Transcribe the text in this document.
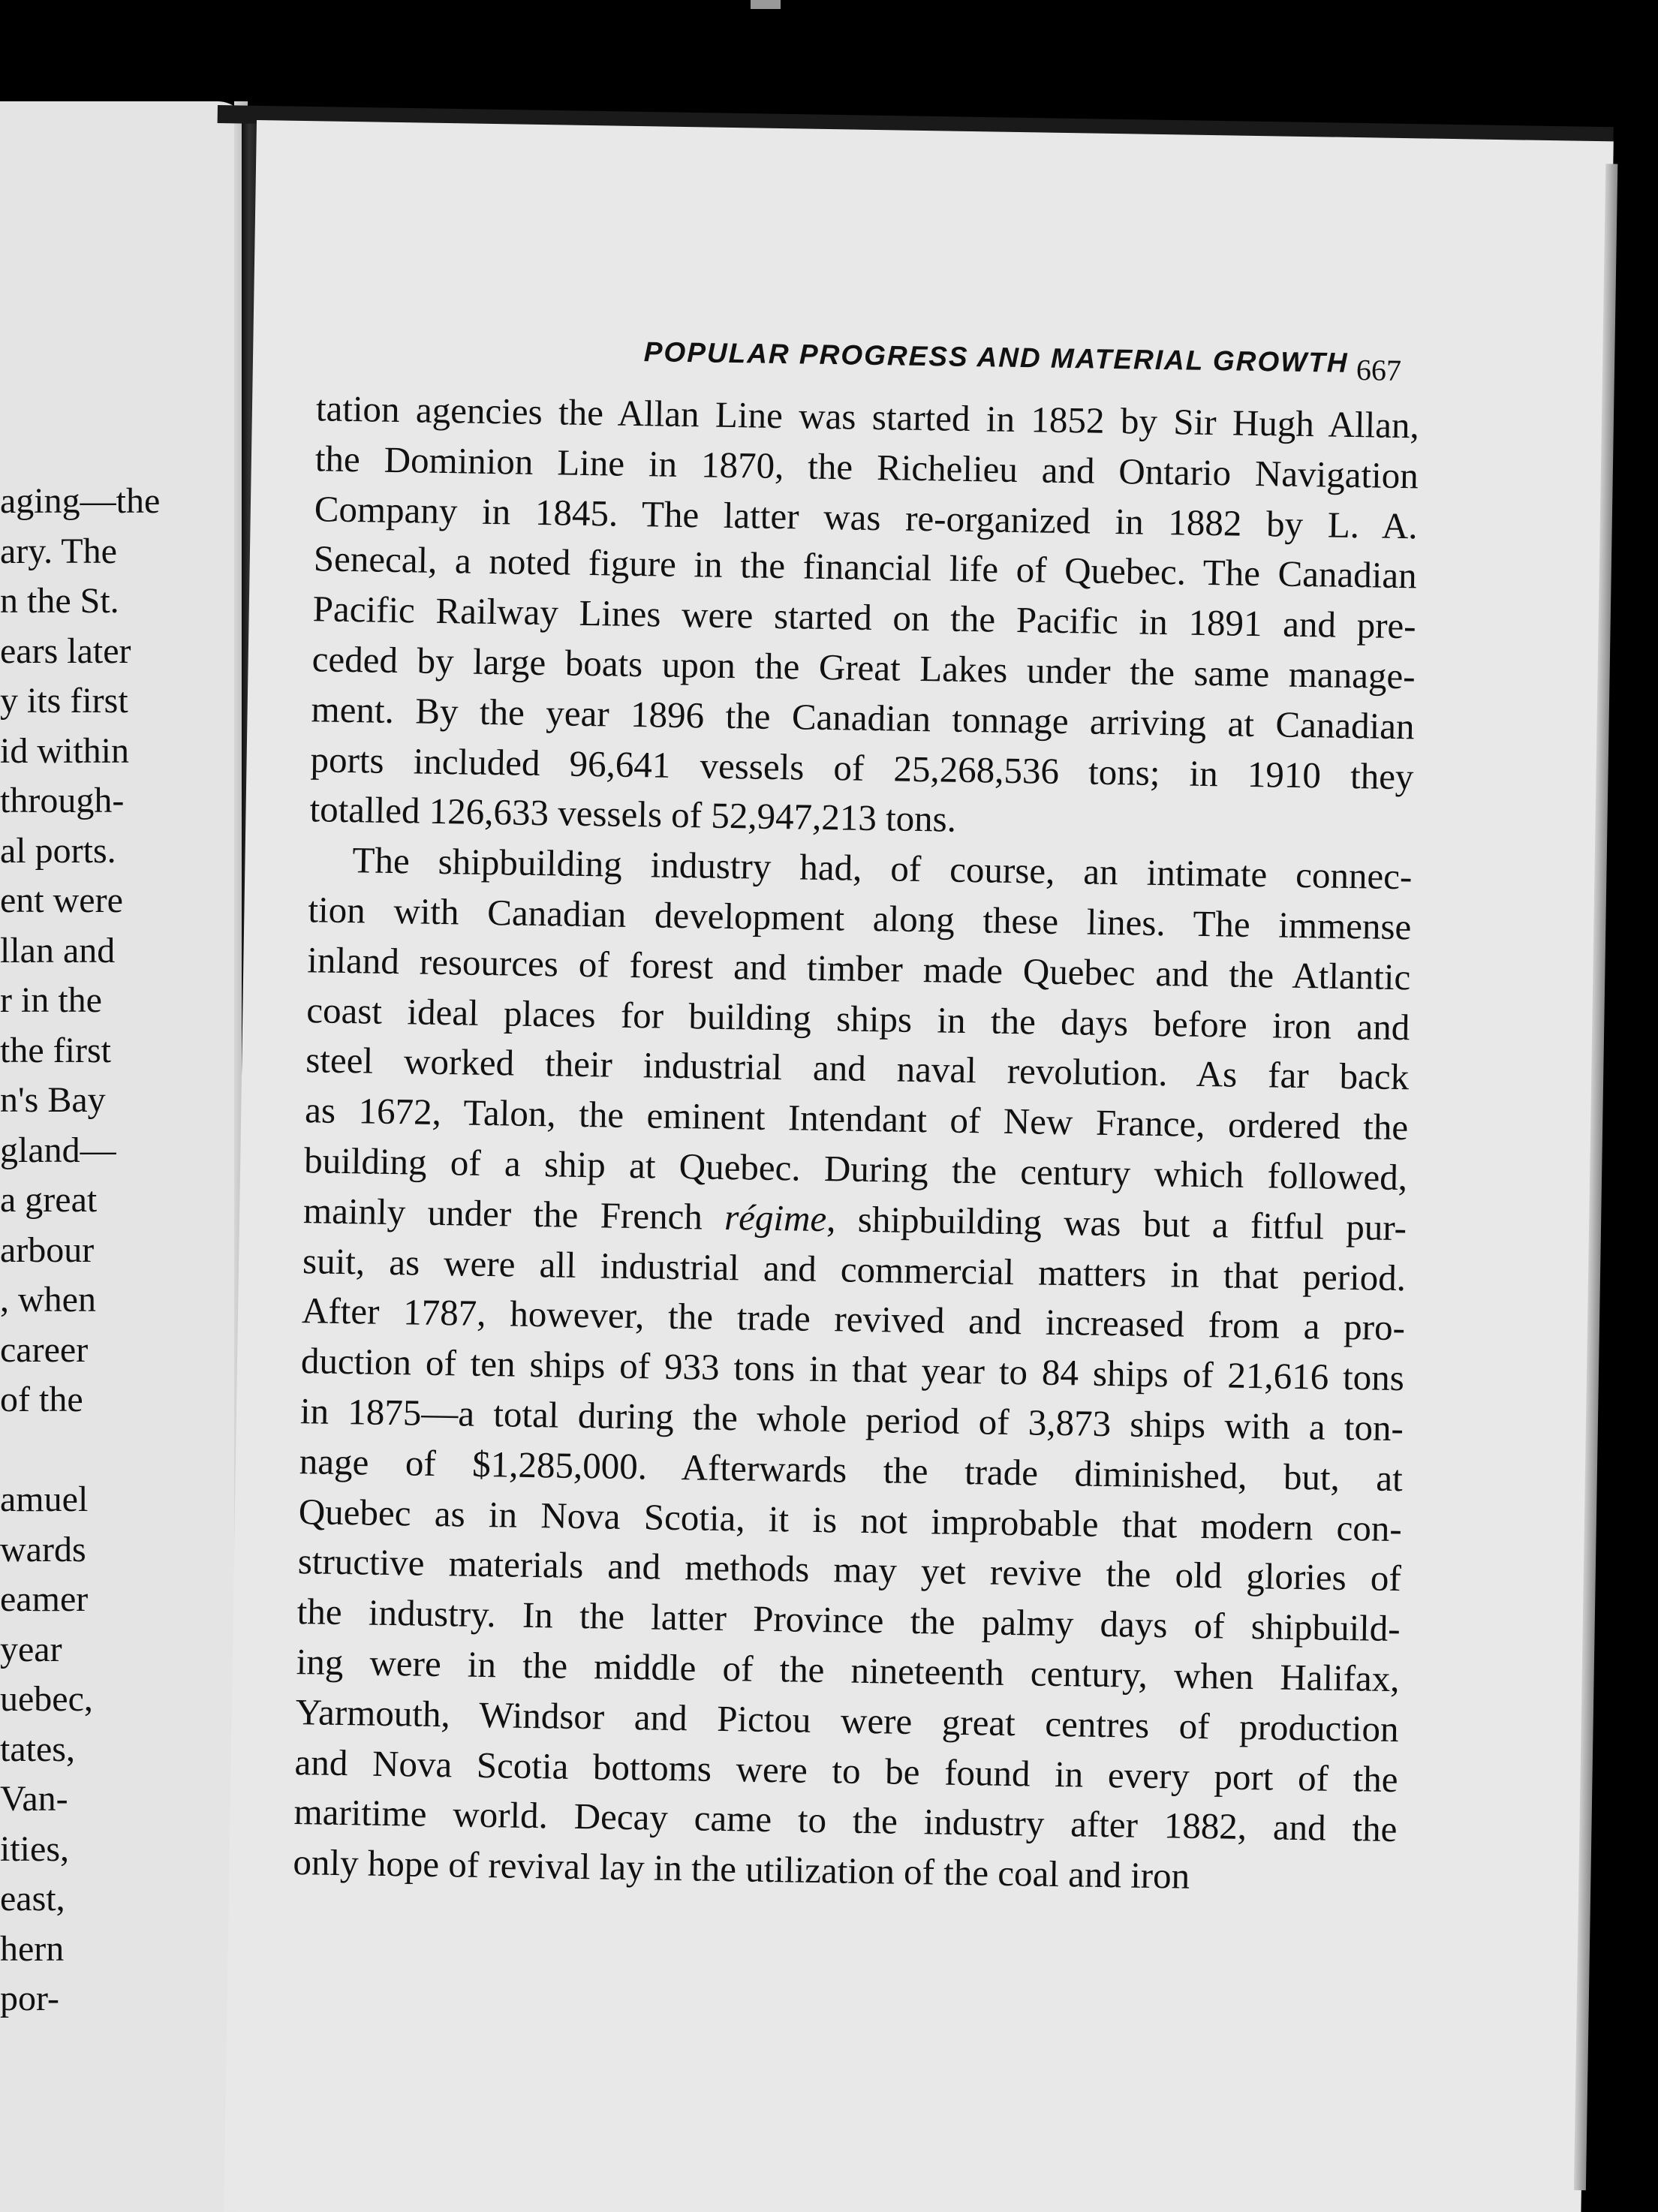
aging—the
ary. The
n the St.
ears later
y its first
id within
through-
al ports.
ent were
llan and
r in the
the first
n's Bay
gland—
a great
arbour
, when
career
of the

amuel
wards
eamer
year
uebec,
tates,
Van-
ities,
east,
hern
por-
POPULAR PROGRESS AND MATERIAL GROWTH 667
tation agencies the Allan Line was started in 1852 by Sir Hugh Allan,
the Dominion Line in 1870, the Richelieu and Ontario Navigation
Company in 1845. The latter was re-organized in 1882 by L. A.
Senecal, a noted figure in the financial life of Quebec. The Canadian
Pacific Railway Lines were started on the Pacific in 1891 and pre-
ceded by large boats upon the Great Lakes under the same manage-
ment. By the year 1896 the Canadian tonnage arriving at Canadian
ports included 96,641 vessels of 25,268,536 tons; in 1910 they
totalled 126,633 vessels of 52,947,213 tons.
The shipbuilding industry had, of course, an intimate connec-
tion with Canadian development along these lines. The immense
inland resources of forest and timber made Quebec and the Atlantic
coast ideal places for building ships in the days before iron and
steel worked their industrial and naval revolution. As far back
as 1672, Talon, the eminent Intendant of New France, ordered the
building of a ship at Quebec. During the century which followed,
mainly under the French régime, shipbuilding was but a fitful pur-
suit, as were all industrial and commercial matters in that period.
After 1787, however, the trade revived and increased from a pro-
duction of ten ships of 933 tons in that year to 84 ships of 21,616 tons
in 1875—a total during the whole period of 3,873 ships with a ton-
nage of $1,285,000. Afterwards the trade diminished, but, at
Quebec as in Nova Scotia, it is not improbable that modern con-
structive materials and methods may yet revive the old glories of
the industry. In the latter Province the palmy days of shipbuild-
ing were in the middle of the nineteenth century, when Halifax,
Yarmouth, Windsor and Pictou were great centres of production
and Nova Scotia bottoms were to be found in every port of the
maritime world. Decay came to the industry after 1882, and the
only hope of revival lay in the utilization of the coal and iron
